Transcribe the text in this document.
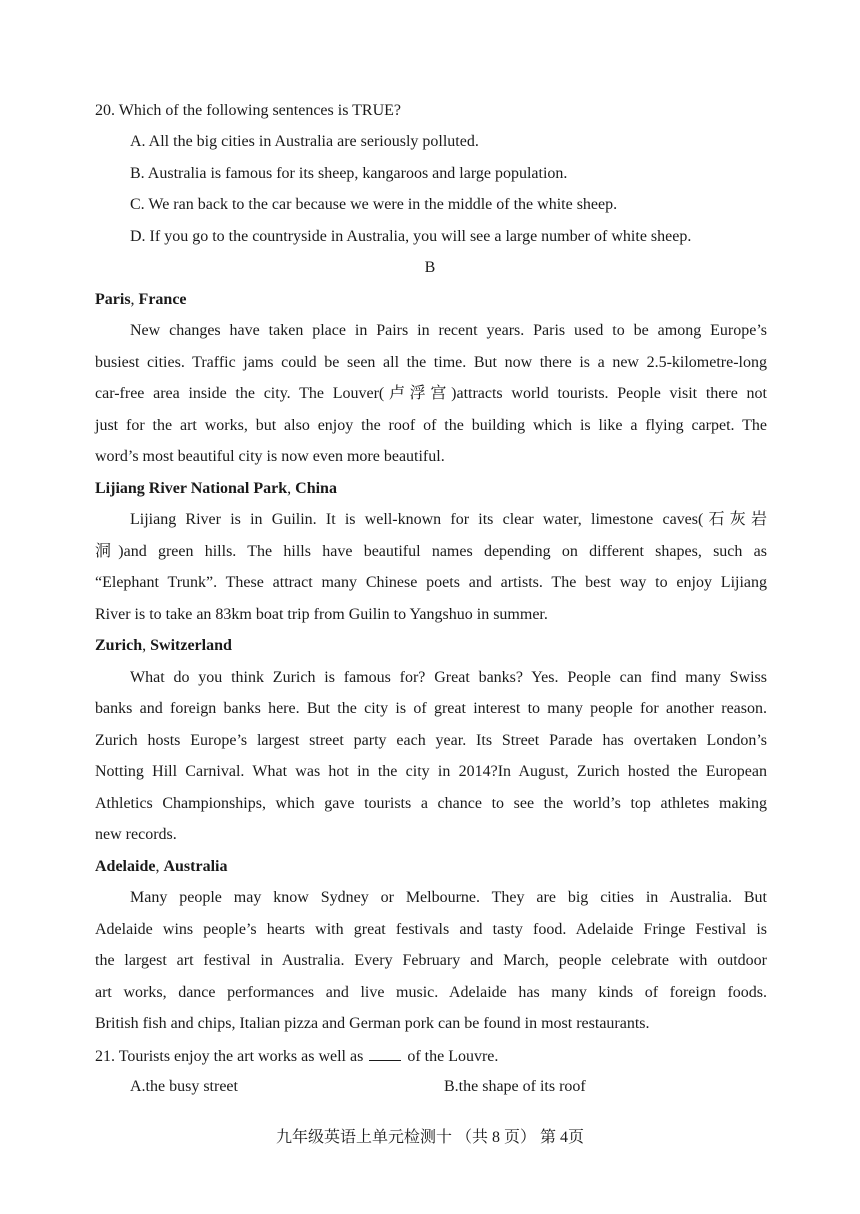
20. Which of the following sentences is TRUE?
A. All the big cities in Australia are seriously polluted.
B. Australia is famous for its sheep, kangaroos and large population.
C. We ran back to the car because we were in the middle of the white sheep.
D. If you go to the countryside in Australia, you will see a large number of white sheep.
B
Paris, France
New changes have taken place in Pairs in recent years. Paris used to be among Europe’s
busiest cities. Traffic jams could be seen all the time. But now there is a new 2.5-kilometre-long
car-free area inside the city. The Louver(卢浮宫)attracts world tourists. People visit there not
just for the art works, but also enjoy the roof of the building which is like a flying carpet. The
word’s most beautiful city is now even more beautiful.
Lijiang River National Park, China
Lijiang River is in Guilin. It is well-known for its clear water, limestone caves(石灰岩
洞)and green hills. The hills have beautiful names depending on different shapes, such as
“Elephant Trunk”. These attract many Chinese poets and artists. The best way to enjoy Lijiang
River is to take an 83km boat trip from Guilin to Yangshuo in summer.
Zurich, Switzerland
What do you think Zurich is famous for? Great banks? Yes. People can find many Swiss
banks and foreign banks here. But the city is of great interest to many people for another reason.
Zurich hosts Europe’s largest street party each year. Its Street Parade has overtaken London’s
Notting Hill Carnival. What was hot in the city in 2014?In August, Zurich hosted the European
Athletics Championships, which gave tourists a chance to see the world’s top athletes making
new records.
Adelaide, Australia
Many people may know Sydney or Melbourne. They are big cities in Australia. But
Adelaide wins people’s hearts with great festivals and tasty food. Adelaide Fringe Festival is
the largest art festival in Australia. Every February and March, people celebrate with outdoor
art works, dance performances and live music. Adelaide has many kinds of foreign foods.
British fish and chips, Italian pizza and German pork can be found in most restaurants.
21. Tourists enjoy the art works as well as	of the Louvre.
A.the busy street	B.the shape of its roof
九年级英语上单元检测十 （共 8 页） 第 4页
